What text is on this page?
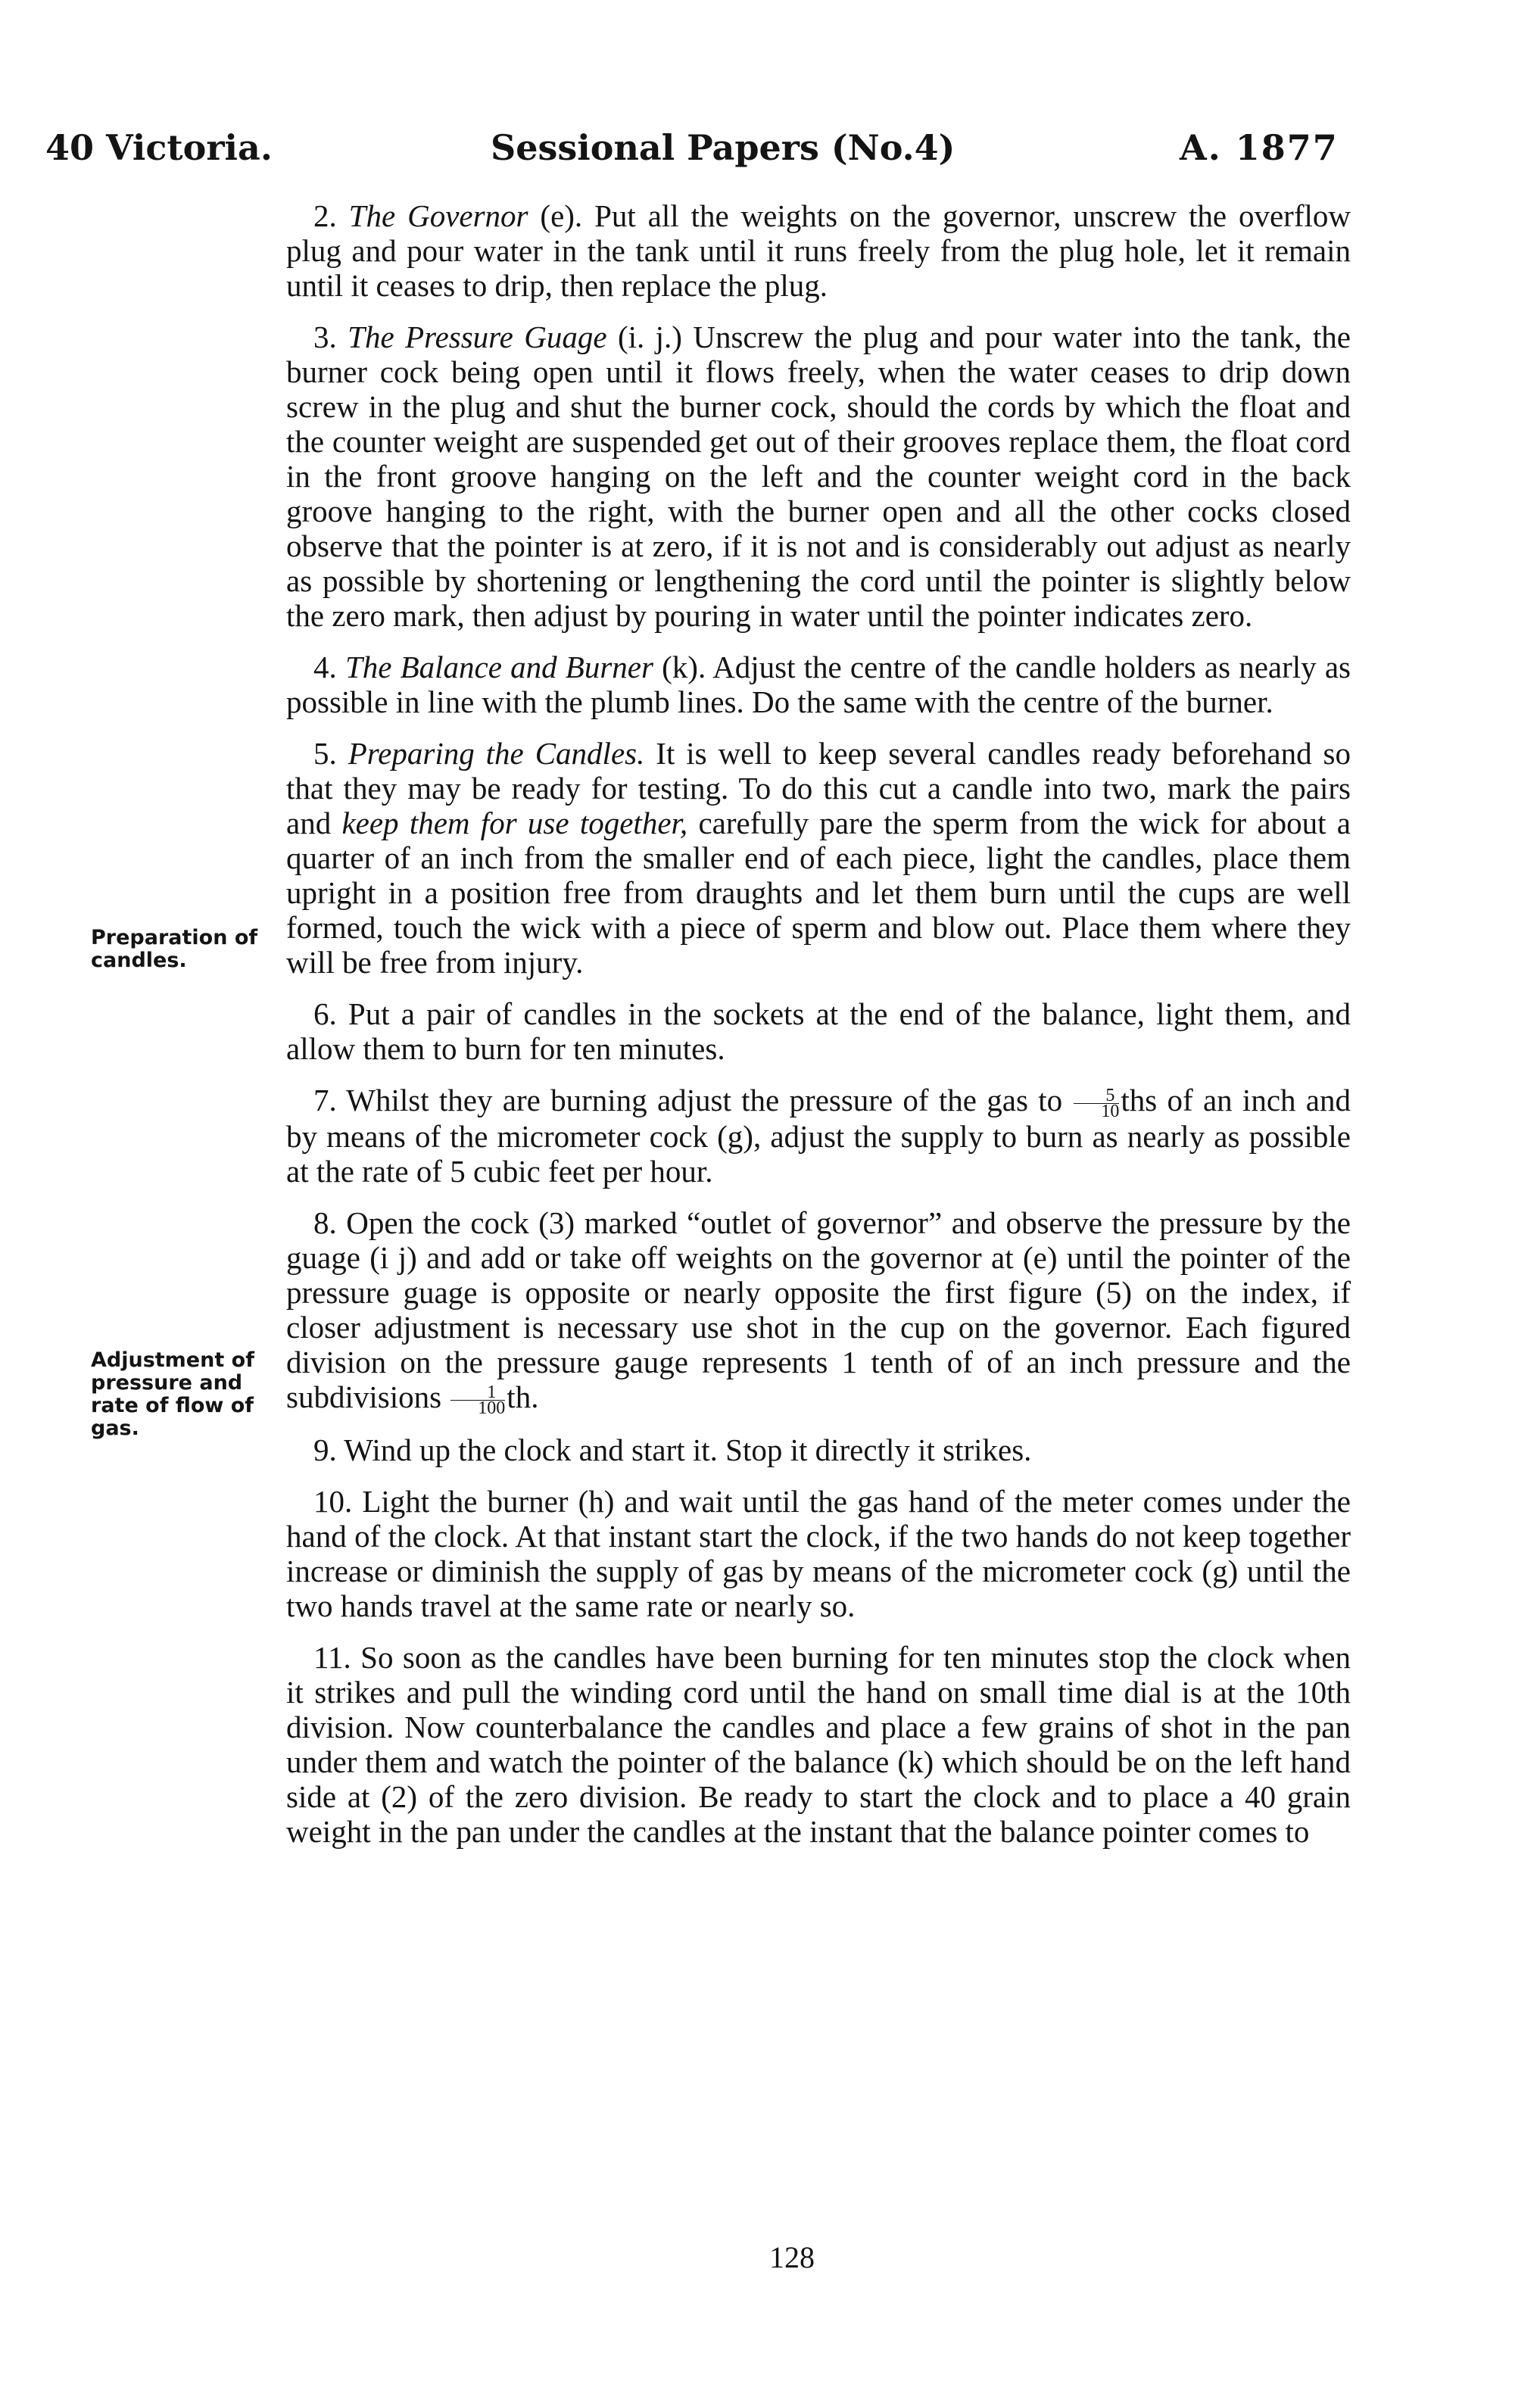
40 Victoria.	Sessional Papers (No.4)	A. 1877
Preparation of candles.
Adjustment of pressure and rate of flow of gas.

2. The Governor (e). Put all the weights on the governor, unscrew the overflow plug and pour water in the tank until it runs freely from the plug hole, let it remain until it ceases to drip, then replace the plug.

3. The Pressure Guage (i. j.) Unscrew the plug and pour water into the tank, the burner cock being open until it flows freely, when the water ceases to drip down screw in the plug and shut the burner cock, should the cords by which the float and the counter weight are suspended get out of their grooves replace them, the float cord in the front groove hanging on the left and the counter weight cord in the back groove hanging to the right, with the burner open and all the other cocks closed observe that the pointer is at zero, if it is not and is considerably out adjust as nearly as possible by shortening or lengthening the cord until the pointer is slightly below the zero mark, then adjust by pouring in water until the pointer indicates zero.

4. The Balance and Burner (k). Adjust the centre of the candle holders as nearly as possible in line with the plumb lines. Do the same with the centre of the burner.

5. Preparing the Candles. It is well to keep several candles ready beforehand so that they may be ready for testing. To do this cut a candle into two, mark the pairs and keep them for use together, carefully pare the sperm from the wick for about a quarter of an inch from the smaller end of each piece, light the candles, place them upright in a position free from draughts and let them burn until the cups are well formed, touch the wick with a piece of sperm and blow out. Place them where they will be free from injury.

6. Put a pair of candles in the sockets at the end of the balance, light them, and allow them to burn for ten minutes.

7. Whilst they are burning adjust the pressure of the gas to $\frac{5}{10}$ ths of an inch and by means of the micrometer cock (g), adjust the supply to burn as nearly as possible at the rate of 5 cubic feet per hour.

8. Open the cock (3) marked “outlet of governor” and observe the pressure by the guage (i j) and add or take off weights on the governor at (e) until the pointer of the pressure guage is opposite or nearly opposite the first figure (5) on the index, if closer adjustment is necessary use shot in the cup on the governor. Each figured division on the pressure gauge represents 1 tenth of of an inch pressure and the subdivisions $\frac{1}{100}$ th.

9. Wind up the clock and start it. Stop it directly it strikes.

10. Light the burner (h) and wait until the gas hand of the meter comes under the hand of the clock. At that instant start the clock, if the two hands do not keep together increase or diminish the supply of gas by means of the micrometer cock (g) until the two hands travel at the same rate or nearly so.

11. So soon as the candles have been burning for ten minutes stop the clock when it strikes and pull the winding cord until the hand on small time dial is at the 10th division. Now counterbalance the candles and place a few grains of shot in the pan under them and watch the pointer of the balance (k) which should be on the left hand side at (2) of the zero division. Be ready to start the clock and to place a 40 grain weight in the pan under the candles at the instant that the balance pointer comes to

128
